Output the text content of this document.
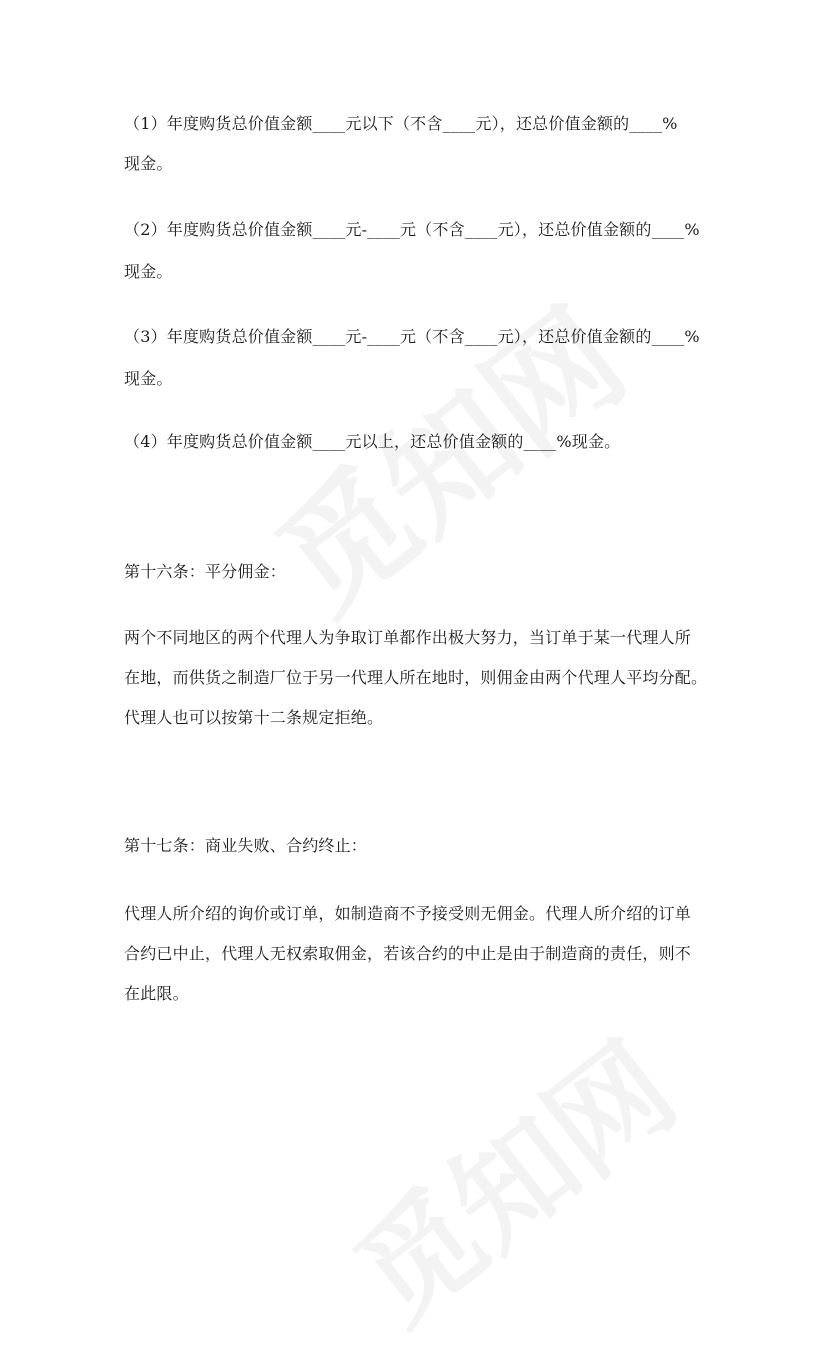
（1）年度购货总价值金额____元以下（不含____元），还总价值金额的____%
现金。
（2）年度购货总价值金额____元-____元（不含____元），还总价值金额的____%
现金。
（3）年度购货总价值金额____元-____元（不含____元），还总价值金额的____%
现金。
（4）年度购货总价值金额____元以上，还总价值金额的____%现金。
第十六条：平分佣金：
两个不同地区的两个代理人为争取订单都作出极大努力，当订单于某一代理人所
在地，而供货之制造厂位于另一代理人所在地时，则佣金由两个代理人平均分配。
代理人也可以按第十二条规定拒绝。
第十七条：商业失败、合约终止：
代理人所介绍的询价或订单，如制造商不予接受则无佣金。代理人所介绍的订单
合约已中止，代理人无权索取佣金，若该合约的中止是由于制造商的责任，则不
在此限。
